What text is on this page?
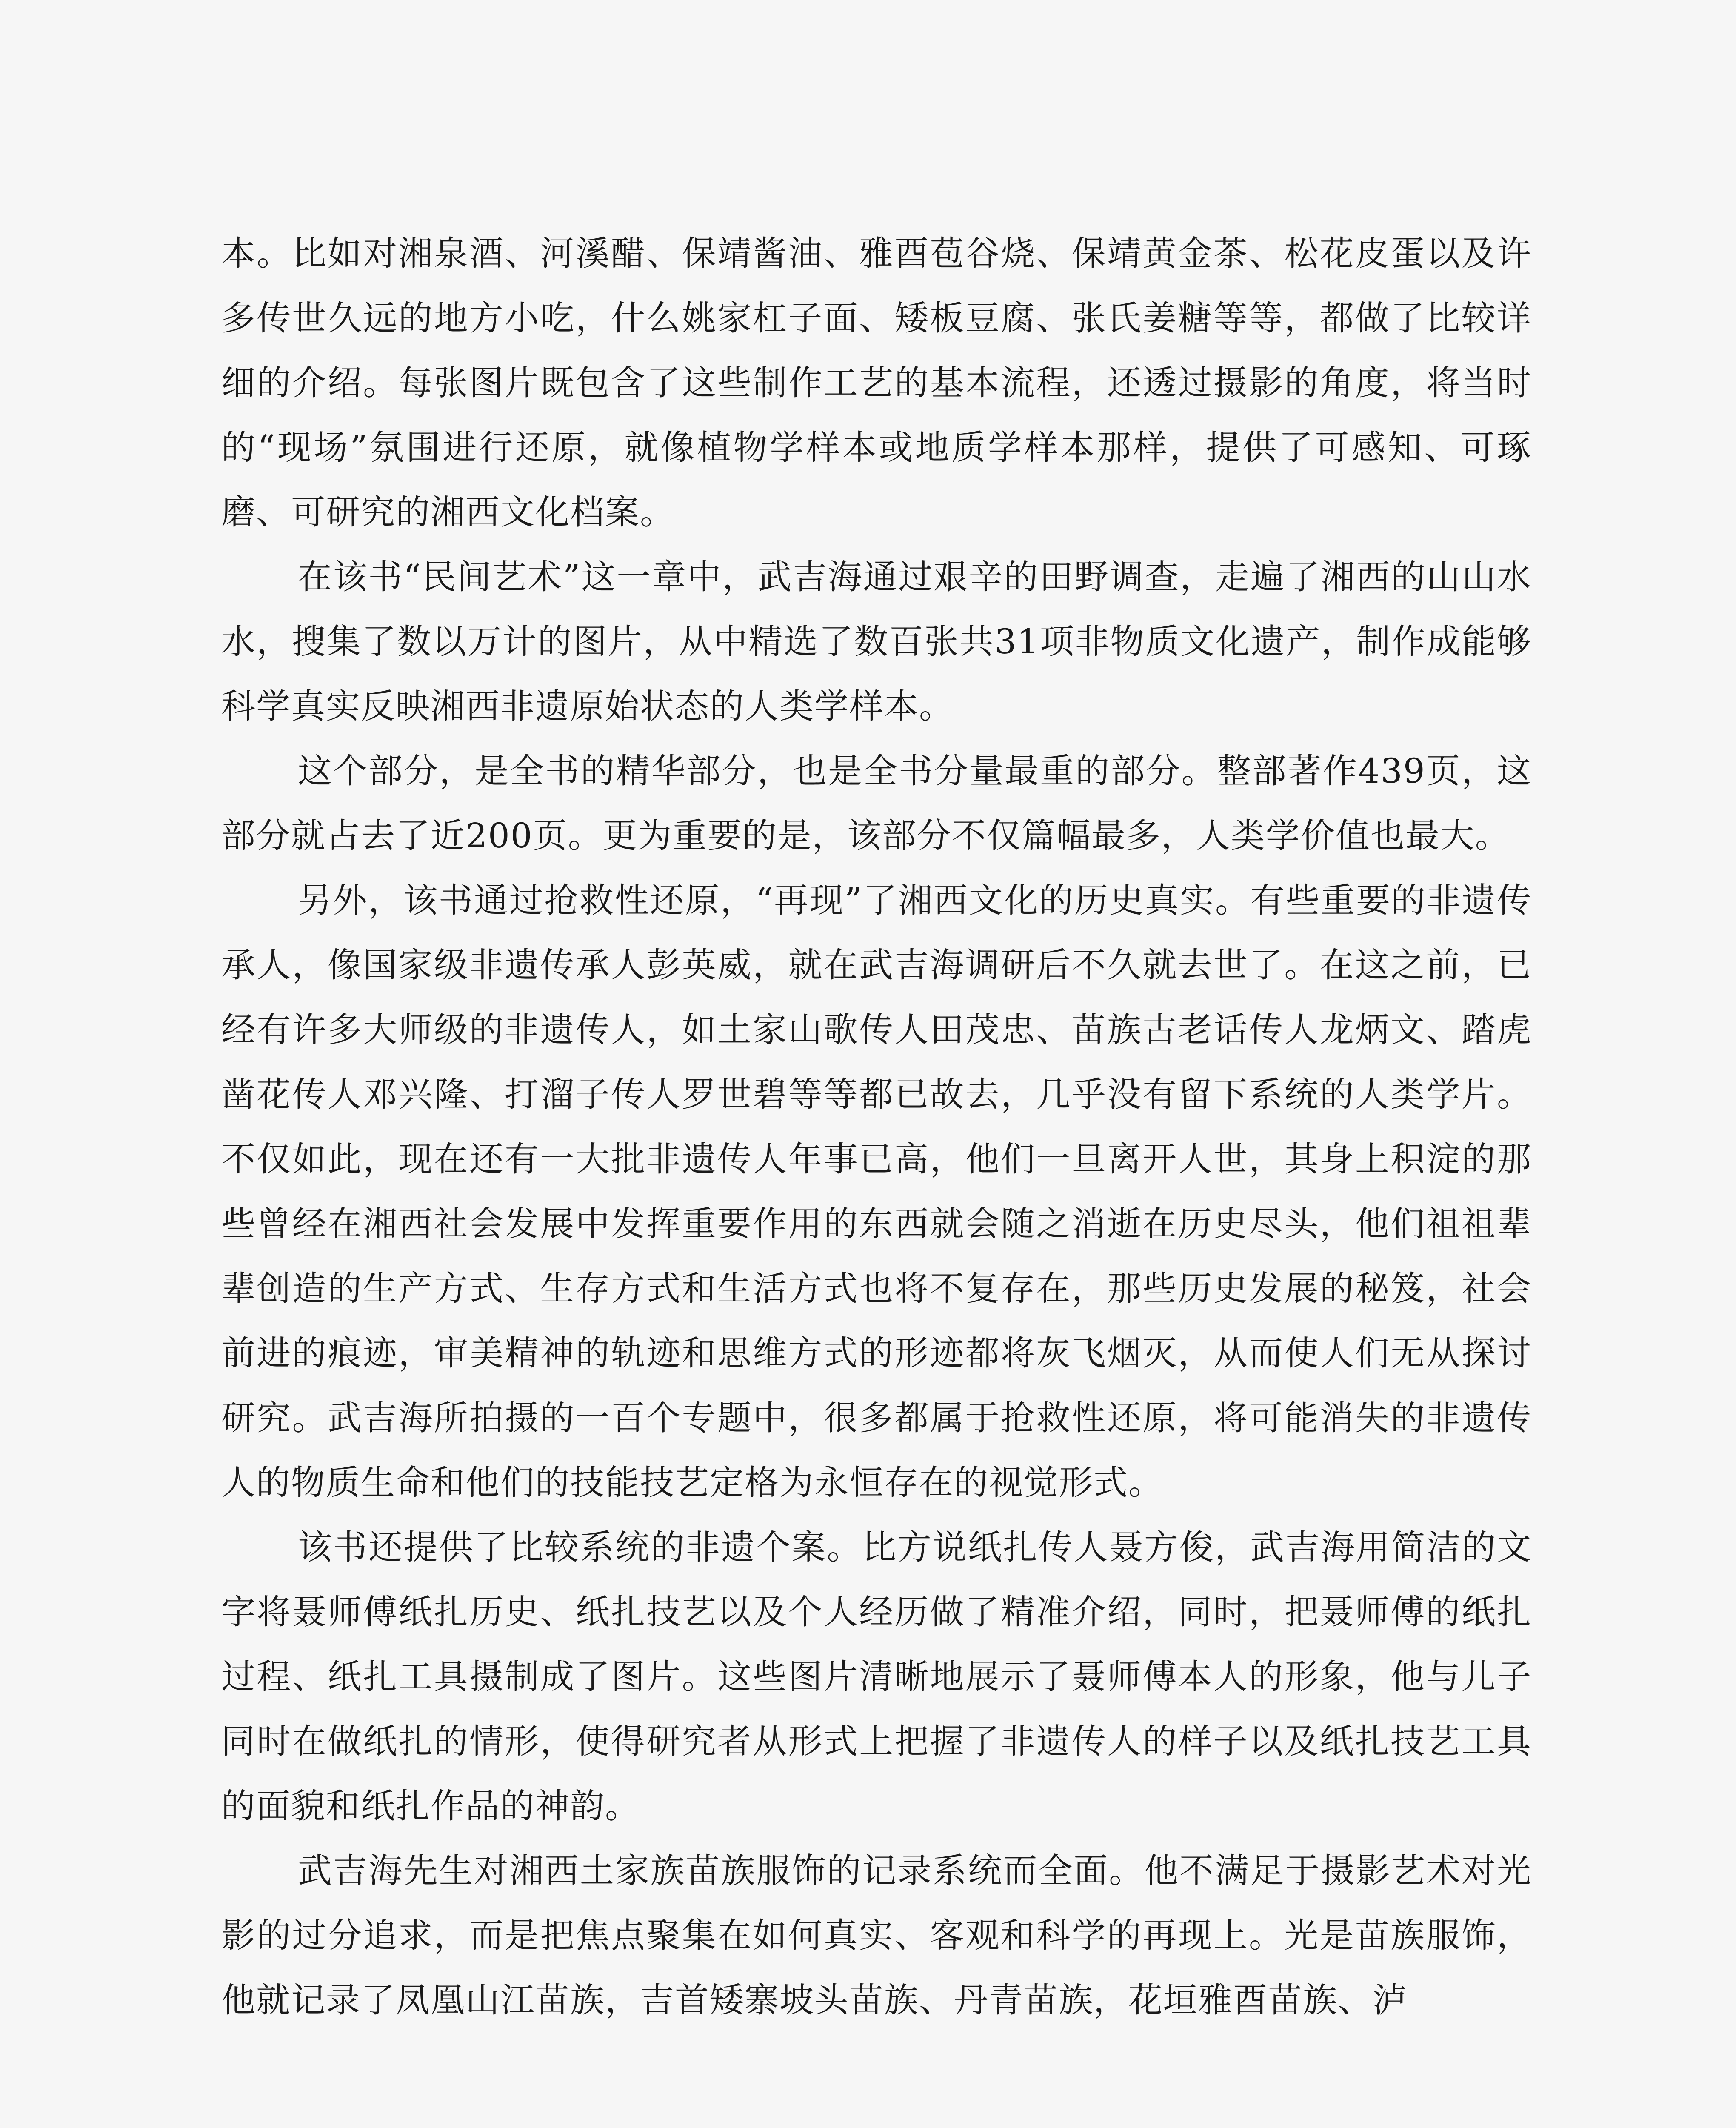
本。比如对湘泉酒、河溪醋、保靖酱油、雅酉苞谷烧、保靖黄金茶、松花皮蛋以及许多传世久远的地方小吃，什么姚家杠子面、矮板豆腐、张氏姜糖等等，都做了比较详细的介绍。每张图片既包含了这些制作工艺的基本流程，还透过摄影的角度，将当时的“现场”氛围进行还原，就像植物学样本或地质学样本那样，提供了可感知、可琢磨、可研究的湘西文化档案。

在该书“民间艺术”这一章中，武吉海通过艰辛的田野调查，走遍了湘西的山山水水，搜集了数以万计的图片，从中精选了数百张共31项非物质文化遗产，制作成能够科学真实反映湘西非遗原始状态的人类学样本。

这个部分，是全书的精华部分，也是全书分量最重的部分。整部著作439页，这部分就占去了近200页。更为重要的是，该部分不仅篇幅最多，人类学价值也最大。

另外，该书通过抢救性还原，“再现”了湘西文化的历史真实。有些重要的非遗传承人，像国家级非遗传承人彭英威，就在武吉海调研后不久就去世了。在这之前，已经有许多大师级的非遗传人，如土家山歌传人田茂忠、苗族古老话传人龙炳文、踏虎凿花传人邓兴隆、打溜子传人罗世碧等等都已故去，几乎没有留下系统的人类学片。不仅如此，现在还有一大批非遗传人年事已高，他们一旦离开人世，其身上积淀的那些曾经在湘西社会发展中发挥重要作用的东西就会随之消逝在历史尽头，他们祖祖辈辈创造的生产方式、生存方式和生活方式也将不复存在，那些历史发展的秘笈，社会前进的痕迹，审美精神的轨迹和思维方式的形迹都将灰飞烟灭，从而使人们无从探讨研究。武吉海所拍摄的一百个专题中，很多都属于抢救性还原，将可能消失的非遗传人的物质生命和他们的技能技艺定格为永恒存在的视觉形式。

该书还提供了比较系统的非遗个案。比方说纸扎传人聂方俊，武吉海用简洁的文字将聂师傅纸扎历史、纸扎技艺以及个人经历做了精准介绍，同时，把聂师傅的纸扎过程、纸扎工具摄制成了图片。这些图片清晰地展示了聂师傅本人的形象，他与儿子同时在做纸扎的情形，使得研究者从形式上把握了非遗传人的样子以及纸扎技艺工具的面貌和纸扎作品的神韵。

武吉海先生对湘西土家族苗族服饰的记录系统而全面。他不满足于摄影艺术对光影的过分追求，而是把焦点聚集在如何真实、客观和科学的再现上。光是苗族服饰，他就记录了凤凰山江苗族，吉首矮寨坡头苗族、丹青苗族，花垣雅酉苗族、泸
